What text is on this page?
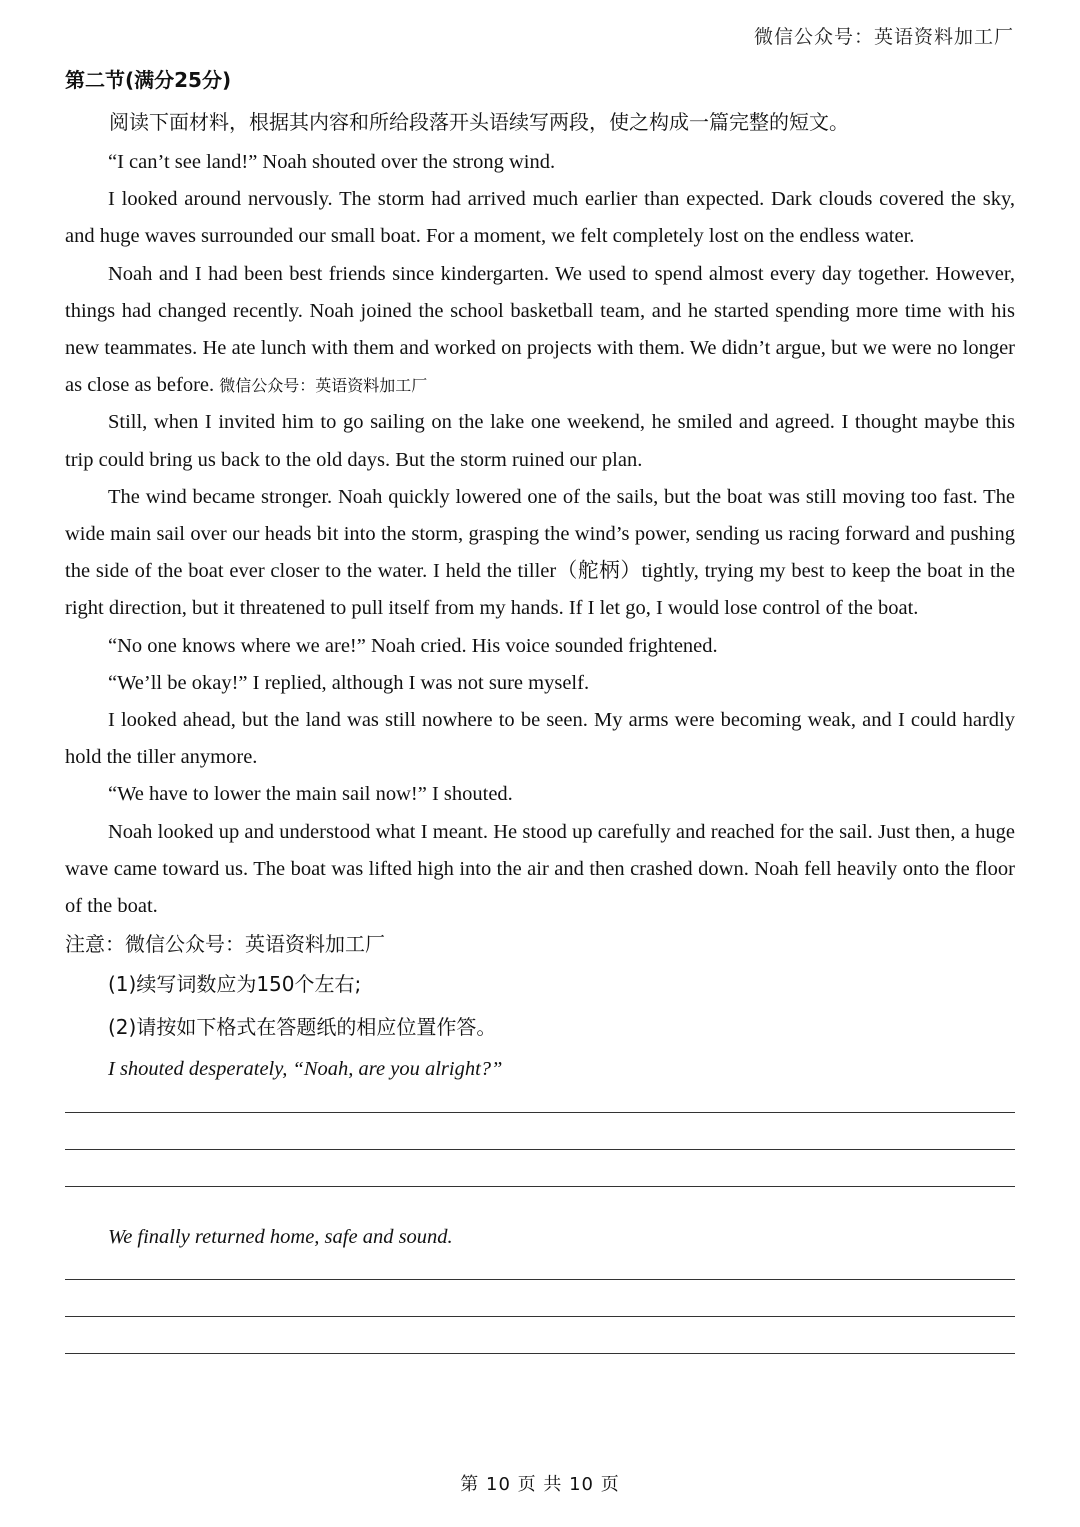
微信公众号：英语资料加工厂
第二节(满分25分)

阅读下面材料，根据其内容和所给段落开头语续写两段，使之构成一篇完整的短文。

“I can’t see land!” Noah shouted over the strong wind.

I looked around nervously. The storm had arrived much earlier than expected. Dark clouds covered the sky, and huge waves surrounded our small boat. For a moment, we felt completely lost on the endless water.

Noah and I had been best friends since kindergarten. We used to spend almost every day together. However, things had changed recently. Noah joined the school basketball team, and he started spending more time with his new teammates. He ate lunch with them and worked on projects with them. We didn’t argue, but we were no longer as close as before. 微信公众号：英语资料加工厂

Still, when I invited him to go sailing on the lake one weekend, he smiled and agreed. I thought maybe this trip could bring us back to the old days. But the storm ruined our plan.

The wind became stronger. Noah quickly lowered one of the sails, but the boat was still moving too fast. The wide main sail over our heads bit into the storm, grasping the wind’s power, sending us racing forward and pushing the side of the boat ever closer to the water. I held the tiller（舵柄）tightly, trying my best to keep the boat in the right direction, but it threatened to pull itself from my hands. If I let go, I would lose control of the boat.

“No one knows where we are!” Noah cried. His voice sounded frightened.

“We’ll be okay!” I replied, although I was not sure myself.

I looked ahead, but the land was still nowhere to be seen. My arms were becoming weak, and I could hardly hold the tiller anymore.

“We have to lower the main sail now!” I shouted.

Noah looked up and understood what I meant. He stood up carefully and reached for the sail. Just then, a huge wave came toward us. The boat was lifted high into the air and then crashed down. Noah fell heavily onto the floor of the boat.

注意：微信公众号：英语资料加工厂

(1)续写词数应为150个左右;

(2)请按如下格式在答题纸的相应位置作答。

I shouted desperately, “Noah, are you alright?”

We finally returned home, safe and sound.

第 10 页 共 10 页
